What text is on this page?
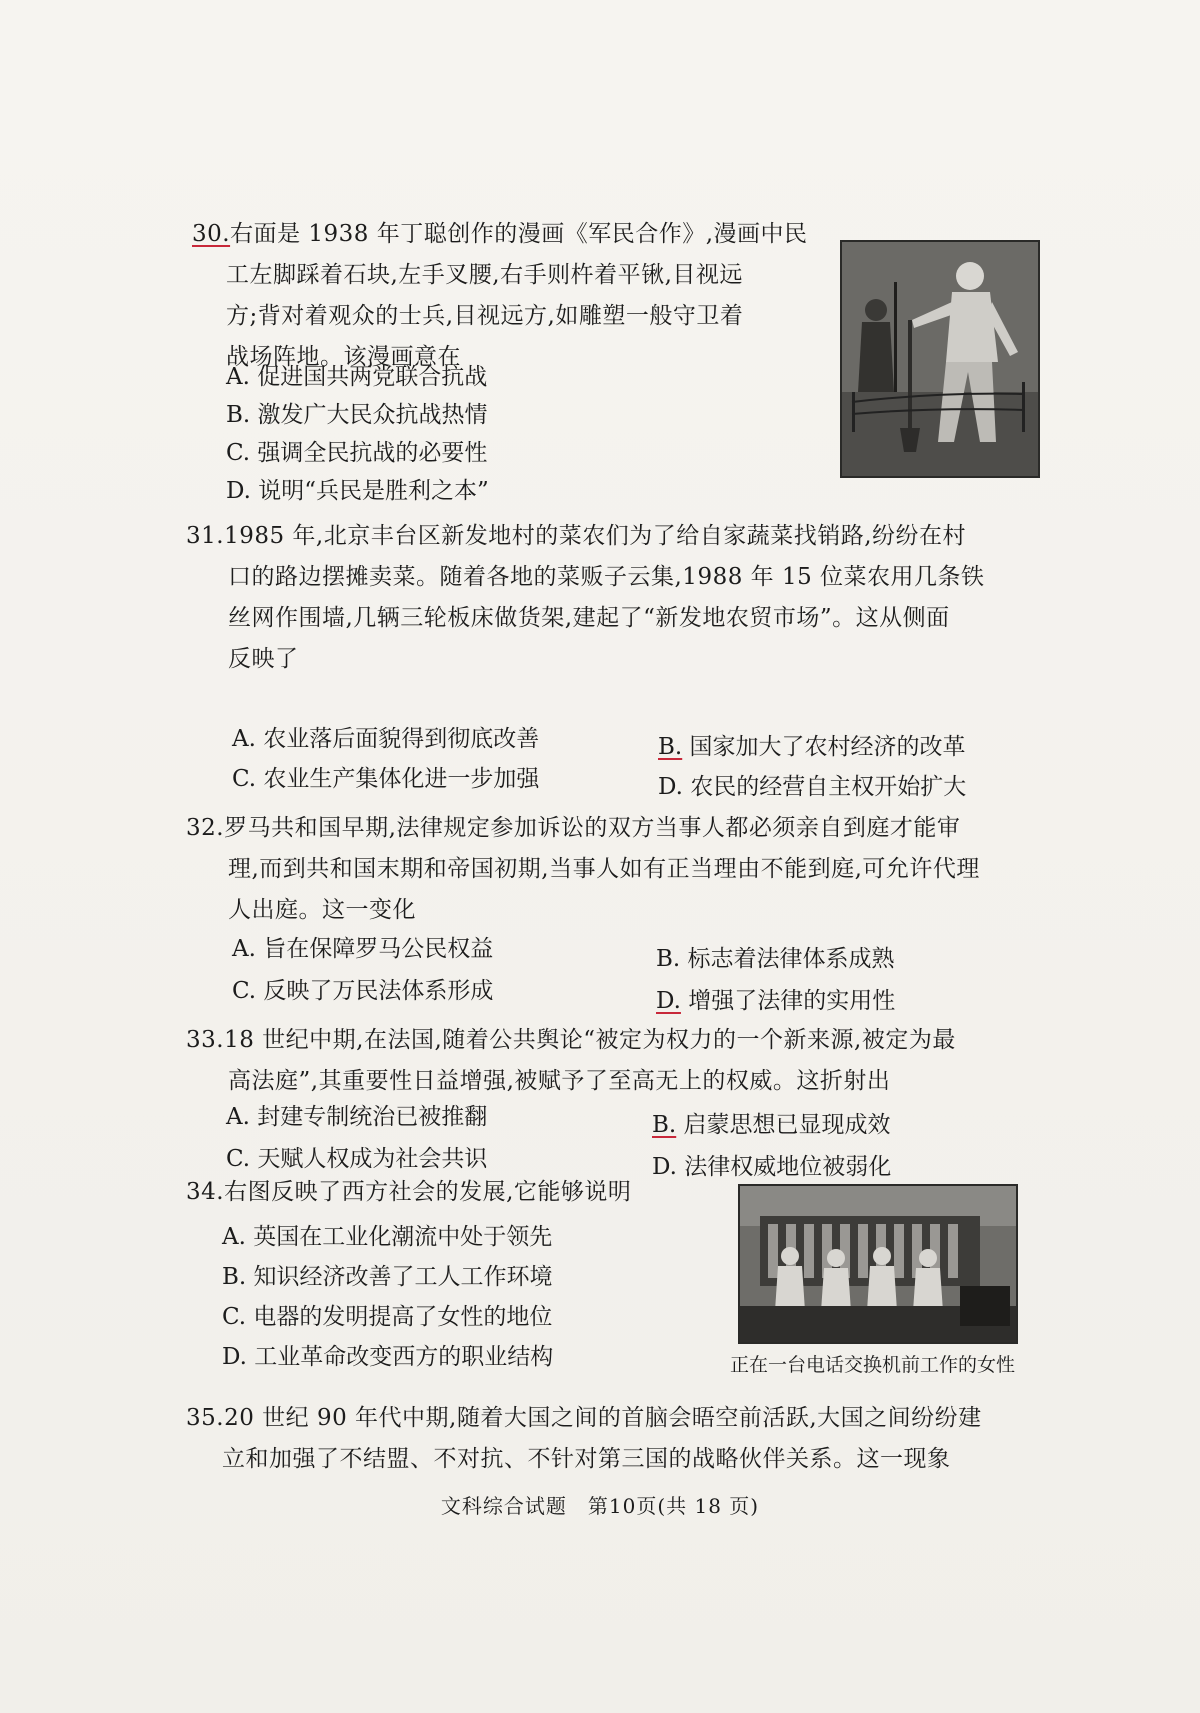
30.右面是 1938 年丁聪创作的漫画《军民合作》,漫画中民
工左脚踩着石块,左手叉腰,右手则杵着平锹,目视远
方;背对着观众的士兵,目视远方,如雕塑一般守卫着
战场阵地。该漫画意在
A. 促进国共两党联合抗战
B. 激发广大民众抗战热情
C. 强调全民抗战的必要性
D. 说明“兵民是胜利之本”
31.1985 年,北京丰台区新发地村的菜农们为了给自家蔬菜找销路,纷纷在村
口的路边摆摊卖菜。随着各地的菜贩子云集,1988 年 15 位菜农用几条铁
丝网作围墙,几辆三轮板床做货架,建起了“新发地农贸市场”。这从侧面
反映了
A. 农业落后面貌得到彻底改善	B. 国家加大了农村经济的改革
C. 农业生产集体化进一步加强	D. 农民的经营自主权开始扩大
32.罗马共和国早期,法律规定参加诉讼的双方当事人都必须亲自到庭才能审
理,而到共和国末期和帝国初期,当事人如有正当理由不能到庭,可允许代理
人出庭。这一变化
A. 旨在保障罗马公民权益	B. 标志着法律体系成熟
C. 反映了万民法体系形成	D. 增强了法律的实用性
33.18 世纪中期,在法国,随着公共舆论“被定为权力的一个新来源,被定为最
高法庭”,其重要性日益增强,被赋予了至高无上的权威。这折射出
A. 封建专制统治已被推翻	B. 启蒙思想已显现成效
C. 天赋人权成为社会共识	D. 法律权威地位被弱化
34.右图反映了西方社会的发展,它能够说明
A. 英国在工业化潮流中处于领先
B. 知识经济改善了工人工作环境
C. 电器的发明提高了女性的地位
D. 工业革命改变西方的职业结构	正在一台电话交换机前工作的女性
35.20 世纪 90 年代中期,随着大国之间的首脑会晤空前活跃,大国之间纷纷建
立和加强了不结盟、不对抗、不针对第三国的战略伙伴关系。这一现象
文科综合试题　第10页(共 18 页)
